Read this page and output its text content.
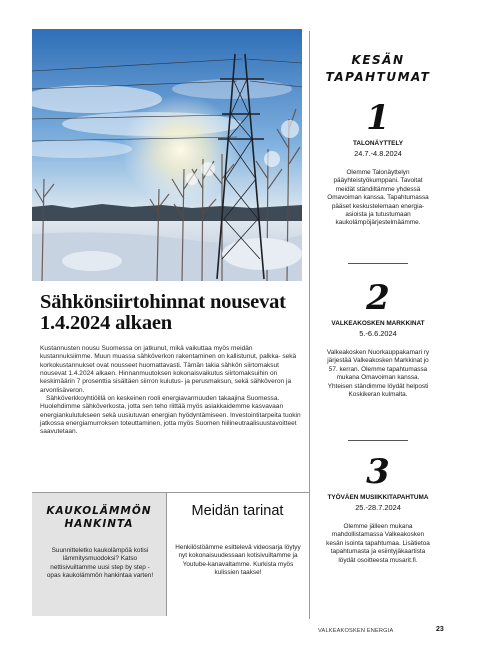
Sähkönsiirtohinnat nousevat 1.4.2024 alkaen

Kustannusten nousu Suomessa on jatkunut, mikä vaikuttaa myös meidän kustannuksiimme. Muun muassa sähköverkon rakentaminen on kallistunut, palkka- sekä korkokustannukset ovat nousseet huomattavasti. Tämän takia sähkön siirtomaksut nousevat 1.4.2024 alkaen. Hinnanmuutoksen kokonaisvaikutus siirtomaksuihin on keskimäärin 7 prosenttia sisältäen siirron kulutus- ja perusmaksun, sekä sähköveron ja arvonlisäveron.

Sähköverkkoyhtiöillä on keskeinen rooli energiavarmuuden takaajina Suomessa. Huolehdimme sähköverkosta, jotta sen teho riittää myös asiakkaidemme kasvavaan energiankulutukseen sekä uusiutuvan energian hyödyntämiseen. Investointitarpeita tuokin jatkossa energiamurroksen toteuttaminen, jotta myös Suomen hiilineutraalisuustavoitteet saavutetaan.

KAUKOLÄMMÖN HANKINTA
Suunnitteletko kaukolämpöä kotisi lämmitysmuodoksi? Katso nettisivuiltamme uusi step by step -opas kaukolämmön hankintaa varten!
Meidän tarinat
Henkilöstöämme esittelevä videosarja löytyy nyt kokonaisuudessaan kotisivuiltamme ja Youtube-kanavaltamme. Kurkista myös kulissien taakse!
KESÄN TAPAHTUMAT
1
TALONÄYTTELY
24.7.-4.8.2024
Olemme Talonäyttelyn pääyhteistyökumppani. Tavoitat meidät ständiltämme yhdessä Omavoiman kanssa. Tapahtumassa pääset keskustelemaan energia-asioista ja tutustumaan kaukolämpöjärjestelmäämme.
2
VALKEAKOSKEN MARKKINAT
5.-6.6.2024
Valkeakosken Nuorkauppakamari ry järjestää Valkeakosken Markkinat jo 57. kerran. Olemme tapahtumassa mukana Omavoiman kanssa. Yhteisen ständimme löydät helposti Koskikeran kulmalta.
3
TYÖVÄEN MUSIIKKITAPAHTUMA
25.-28.7.2024
Olemme jälleen mukana mahdollistamassa Valkeakosken kesän isointa tapahtumaa. Lisätietoa tapahtumasta ja esiintyjäkaartista löydät osoitteesta musarit.fi.
VALKEAKOSKEN ENERGIA	23
